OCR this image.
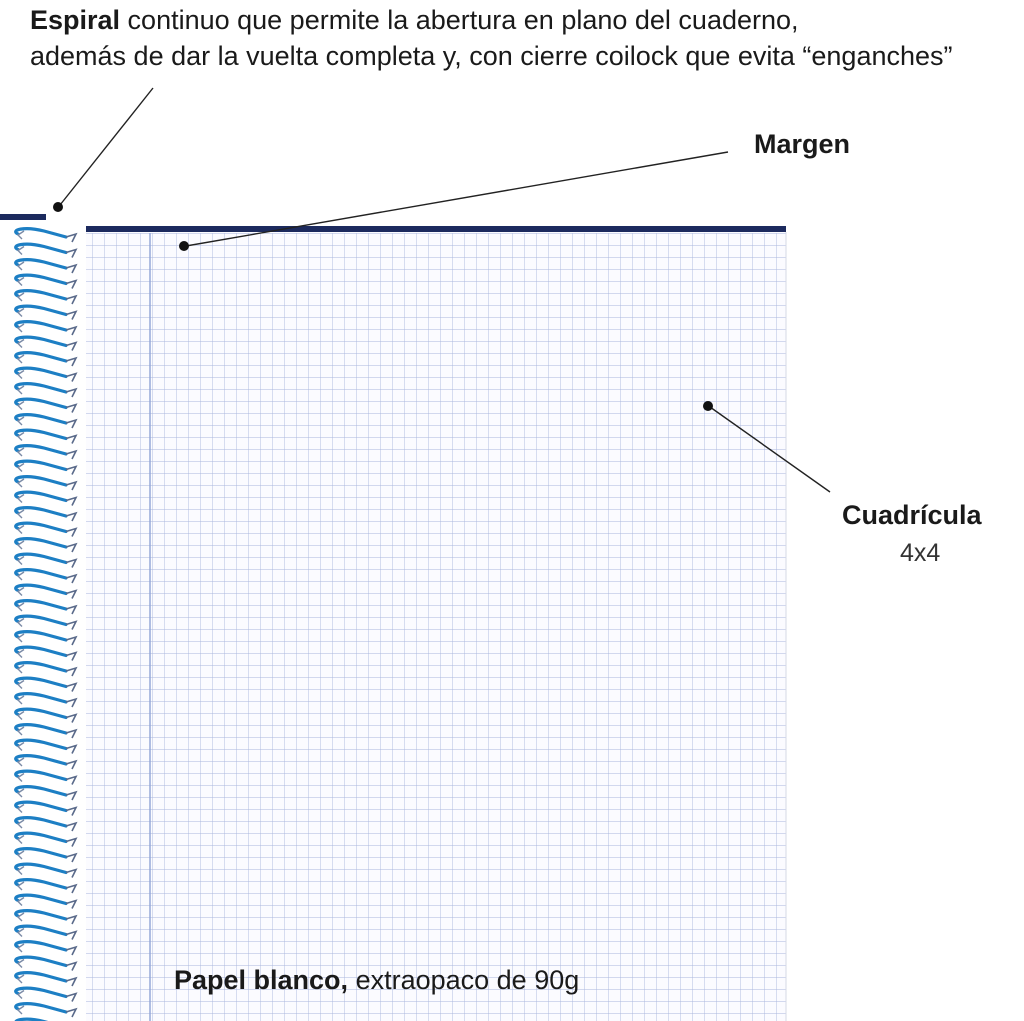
Espiral continuo que permite la abertura en plano del cuaderno,
además de dar la vuelta completa y, con cierre coilock que evita “enganches”
Margen
Cuadrícula
4x4
Papel blanco, extraopaco de 90g
